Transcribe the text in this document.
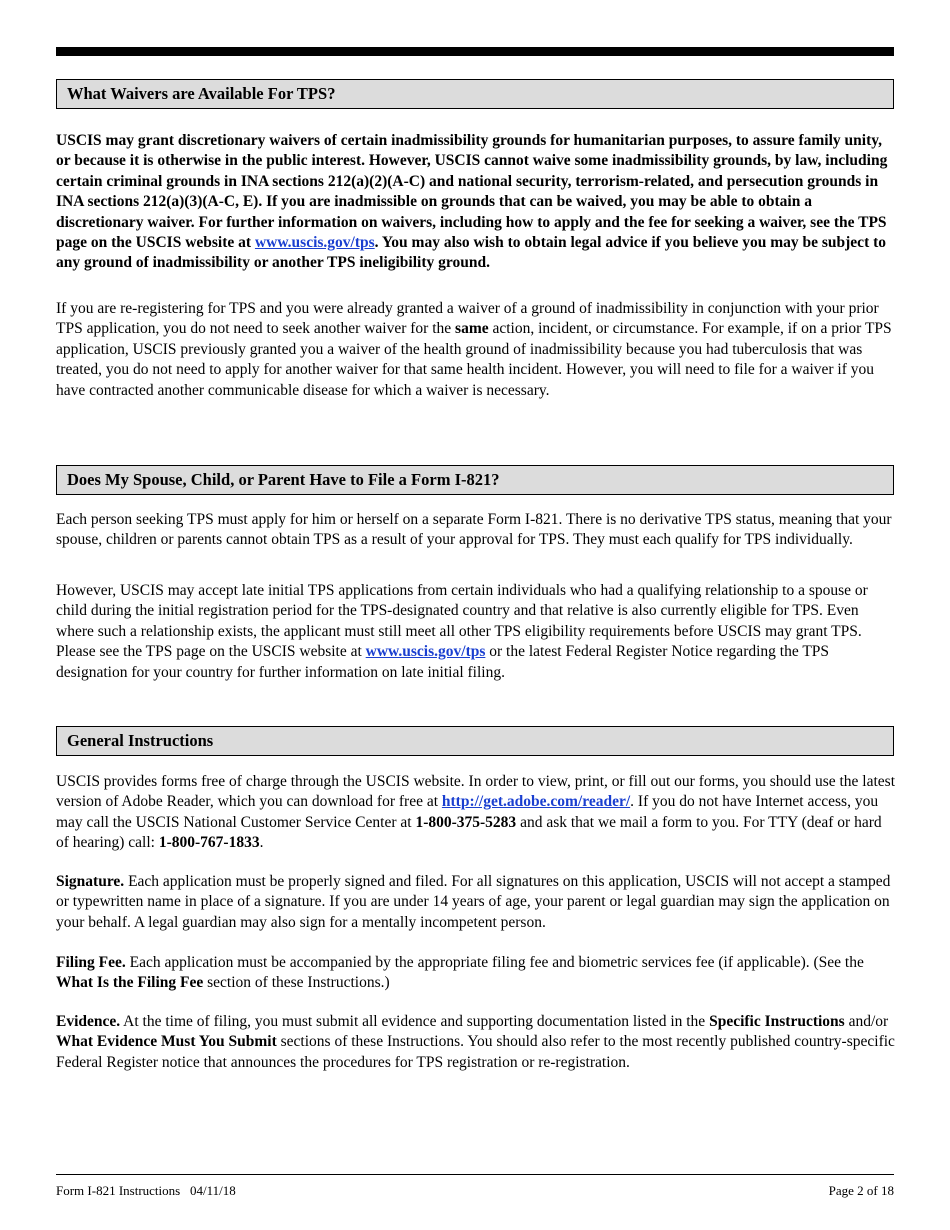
What Waivers are Available For TPS?
USCIS may grant discretionary waivers of certain inadmissibility grounds for humanitarian purposes, to assure family unity, or because it is otherwise in the public interest. However, USCIS cannot waive some inadmissibility grounds, by law, including certain criminal grounds in INA sections 212(a)(2)(A-C) and national security, terrorism-related, and persecution grounds in INA sections 212(a)(3)(A-C, E). If you are inadmissible on grounds that can be waived, you may be able to obtain a discretionary waiver. For further information on waivers, including how to apply and the fee for seeking a waiver, see the TPS page on the USCIS website at www.uscis.gov/tps. You may also wish to obtain legal advice if you believe you may be subject to any ground of inadmissibility or another TPS ineligibility ground.
If you are re-registering for TPS and you were already granted a waiver of a ground of inadmissibility in conjunction with your prior TPS application, you do not need to seek another waiver for the same action, incident, or circumstance. For example, if on a prior TPS application, USCIS previously granted you a waiver of the health ground of inadmissibility because you had tuberculosis that was treated, you do not need to apply for another waiver for that same health incident. However, you will need to file for a waiver if you have contracted another communicable disease for which a waiver is necessary.
Does My Spouse, Child, or Parent Have to File a Form I-821?
Each person seeking TPS must apply for him or herself on a separate Form I-821. There is no derivative TPS status, meaning that your spouse, children or parents cannot obtain TPS as a result of your approval for TPS. They must each qualify for TPS individually.
However, USCIS may accept late initial TPS applications from certain individuals who had a qualifying relationship to a spouse or child during the initial registration period for the TPS-designated country and that relative is also currently eligible for TPS. Even where such a relationship exists, the applicant must still meet all other TPS eligibility requirements before USCIS may grant TPS. Please see the TPS page on the USCIS website at www.uscis.gov/tps or the latest Federal Register Notice regarding the TPS designation for your country for further information on late initial filing.
General Instructions
USCIS provides forms free of charge through the USCIS website. In order to view, print, or fill out our forms, you should use the latest version of Adobe Reader, which you can download for free at http://get.adobe.com/reader/. If you do not have Internet access, you may call the USCIS National Customer Service Center at 1-800-375-5283 and ask that we mail a form to you. For TTY (deaf or hard of hearing) call: 1-800-767-1833.
Signature. Each application must be properly signed and filed. For all signatures on this application, USCIS will not accept a stamped or typewritten name in place of a signature. If you are under 14 years of age, your parent or legal guardian may sign the application on your behalf. A legal guardian may also sign for a mentally incompetent person.
Filing Fee. Each application must be accompanied by the appropriate filing fee and biometric services fee (if applicable). (See the What Is the Filing Fee section of these Instructions.)
Evidence. At the time of filing, you must submit all evidence and supporting documentation listed in the Specific Instructions and/or What Evidence Must You Submit sections of these Instructions. You should also refer to the most recently published country-specific Federal Register notice that announces the procedures for TPS registration or re-registration.
Form I-821 Instructions   04/11/18	Page 2 of 18
